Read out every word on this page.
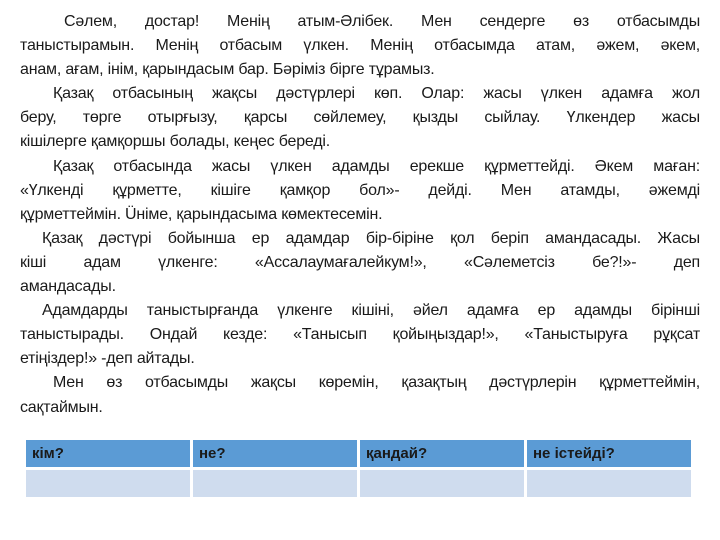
Сәлем, достар! Менің атым-Әлібек. Мен сендерге өз отбасымды
таныстырамын. Менің отбасым үлкен. Менің отбасымда атам, әжем, әкем,
анам, ағам, інім, қарындасым бар. Бәріміз бірге тұрамыз.
Қазақ отбасының жақсы дәстүрлері көп. Олар: жасы үлкен адамға жол
беру, төрге отырғызу, қарсы сөйлемеу, қызды сыйлау. Үлкендер жасы
кішілерге қамқоршы болады, кеңес береді.
Қазақ отбасында жасы үлкен адамды ерекше құрметтейді. Әкем маған:
«Үлкенді құрметте, кішіге қамқор бол»- дейді. Мен атамды, әжемді
құрметтеймін. Üніме, қарындасыма көмектесемін.
Қазақ дәстүрі бойынша ер адамдар бір-біріне қол беріп амандасады. Жасы
кіші адам үлкенге: «Ассалаумағалейкум!», «Сәлеметсіз бе?!»- деп
амандасады.
Адамдарды таныстырғанда үлкенге кішіні, әйел адамға ер адамды бірінші
таныстырады. Ондай кезде: «Танысып қойыңыздар!», «Таныстыруға рұқсат
етіңіздер!» -деп айтады.
Мен өз отбасымды жақсы көремін, қазақтың дәстүрлерін құрметтеймін,
сақтаймын.
кім?	не?	қандай?	не істейді?
